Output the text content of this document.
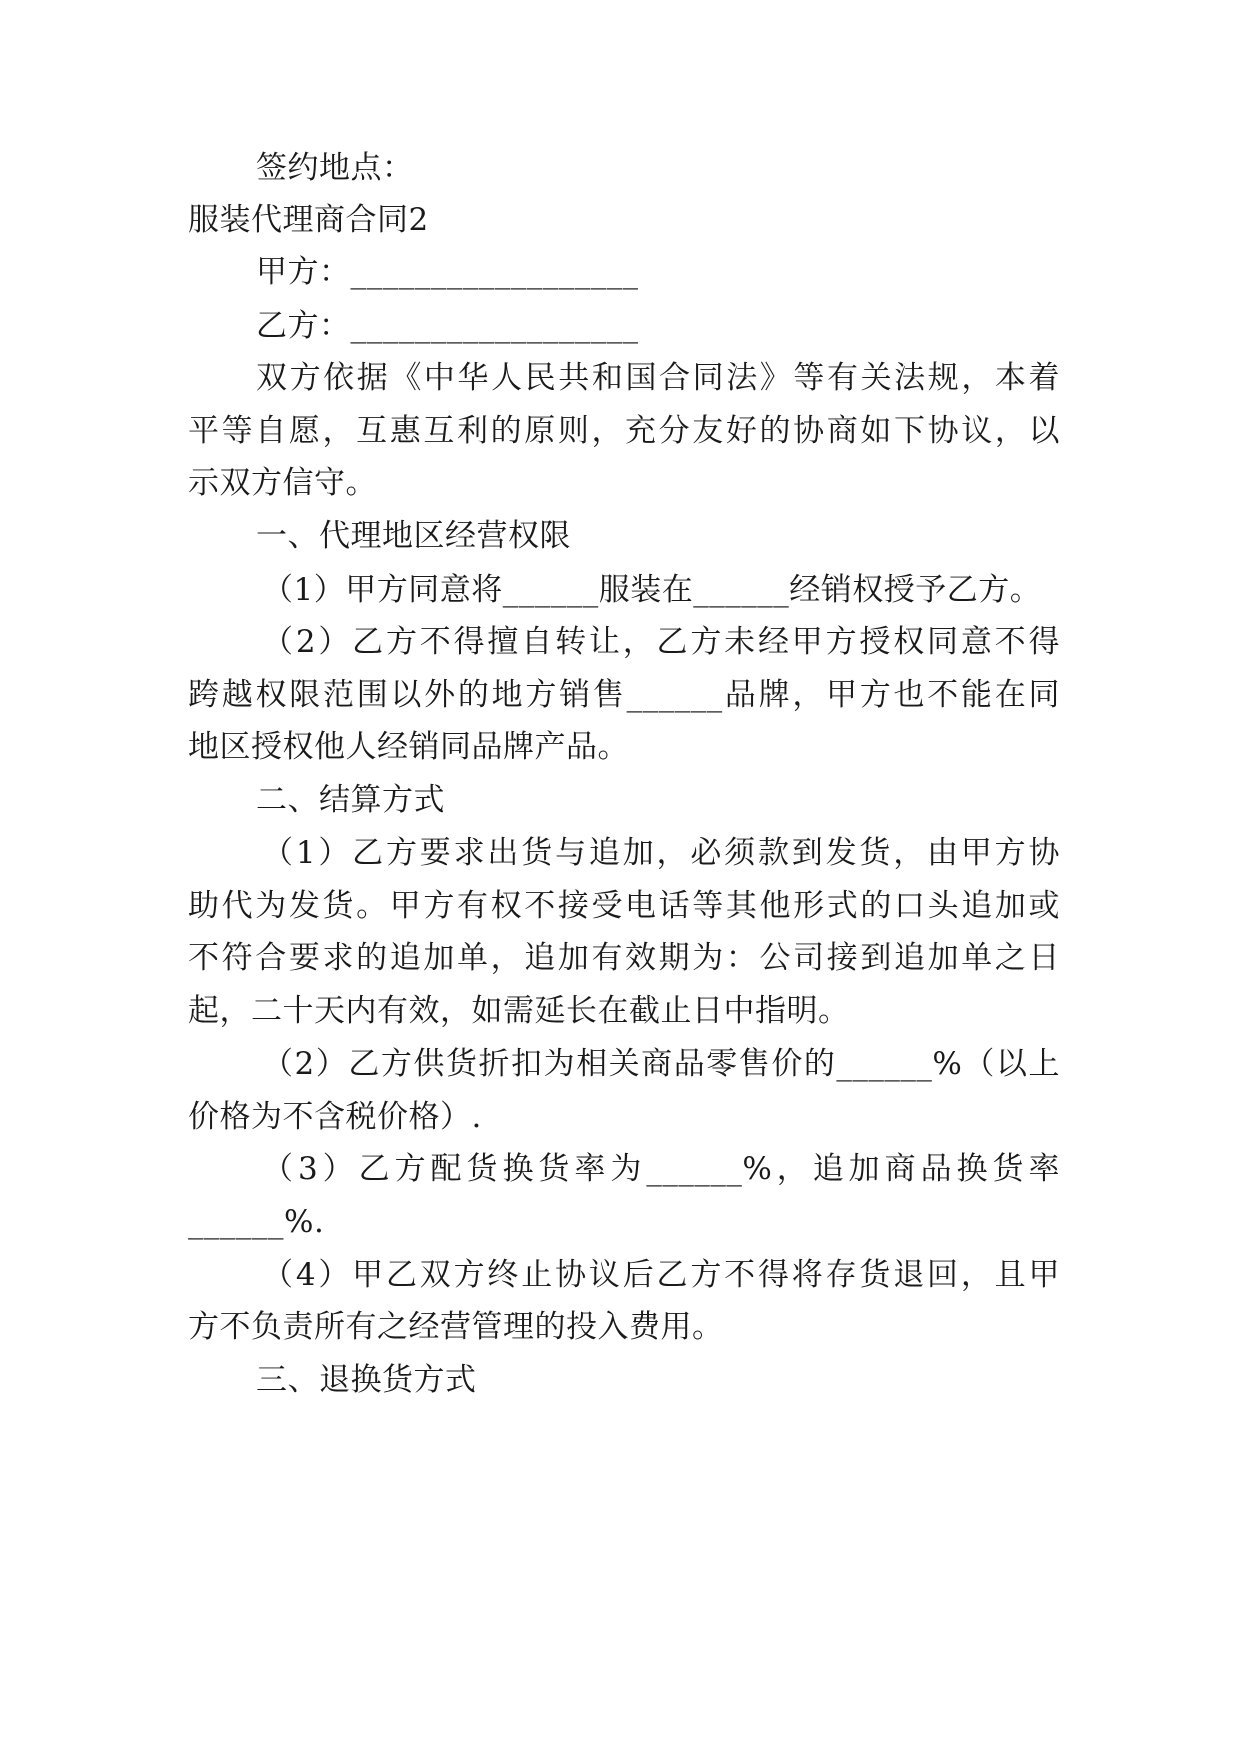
签约地点：
服装代理商合同2
甲方：__________________
乙方：__________________
双方依据《中华人民共和国合同法》等有关法规，本着
平等自愿，互惠互利的原则，充分友好的协商如下协议，以
示双方信守。
一、代理地区经营权限
（1）甲方同意将______服装在______经销权授予乙方。
（2）乙方不得擅自转让，乙方未经甲方授权同意不得
跨越权限范围以外的地方销售______品牌，甲方也不能在同
地区授权他人经销同品牌产品。
二、结算方式
（1）乙方要求出货与追加，必须款到发货，由甲方协
助代为发货。甲方有权不接受电话等其他形式的口头追加或
不符合要求的追加单，追加有效期为：公司接到追加单之日
起，二十天内有效，如需延长在截止日中指明。
（2）乙方供货折扣为相关商品零售价的______%（以上
价格为不含税价格）.
（3）乙方配货换货率为______%，追加商品换货率
______%.
（4）甲乙双方终止协议后乙方不得将存货退回，且甲
方不负责所有之经营管理的投入费用。
三、退换货方式
